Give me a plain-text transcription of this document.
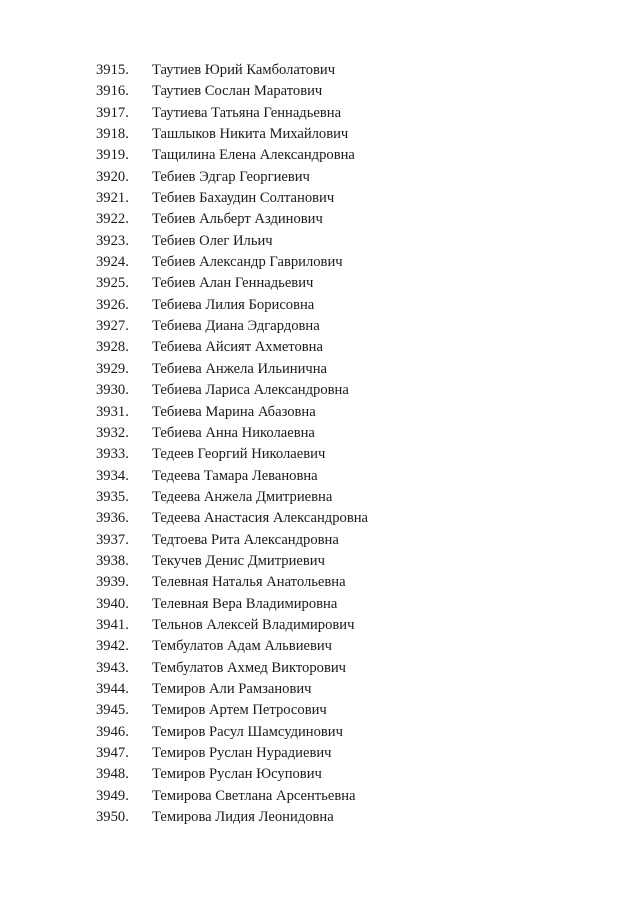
3915.	Таутиев Юрий Камболатович
3916.	Таутиев Сослан Маратович
3917.	Таутиева Татьяна Геннадьевна
3918.	Ташлыков Никита Михайлович
3919.	Тащилина Елена Александровна
3920.	Тебиев Эдгар Георгиевич
3921.	Тебиев Бахаудин Солтанович
3922.	Тебиев Альберт Аздинович
3923.	Тебиев Олег Ильич
3924.	Тебиев Александр Гаврилович
3925.	Тебиев Алан Геннадьевич
3926.	Тебиева Лилия Борисовна
3927.	Тебиева Диана Эдгардовна
3928.	Тебиева Айсият Ахметовна
3929.	Тебиева Анжела Ильинична
3930.	Тебиева Лариса Александровна
3931.	Тебиева Марина Абазовна
3932.	Тебиева Анна Николаевна
3933.	Тедеев Георгий Николаевич
3934.	Тедеева Тамара Левановна
3935.	Тедеева Анжела Дмитриевна
3936.	Тедеева Анастасия Александровна
3937.	Тедтоева Рита Александровна
3938.	Текучев Денис Дмитриевич
3939.	Телевная Наталья Анатольевна
3940.	Телевная Вера Владимировна
3941.	Тельнов Алексей Владимирович
3942.	Тембулатов Адам Альвиевич
3943.	Тембулатов Ахмед Викторович
3944.	Темиров Али Рамзанович
3945.	Темиров Артем Петросович
3946.	Темиров Расул Шамсудинович
3947.	Темиров Руслан Нурадиевич
3948.	Темиров Руслан Юсупович
3949.	Темирова Светлана Арсентьевна
3950.	Темирова Лидия Леонидовна
